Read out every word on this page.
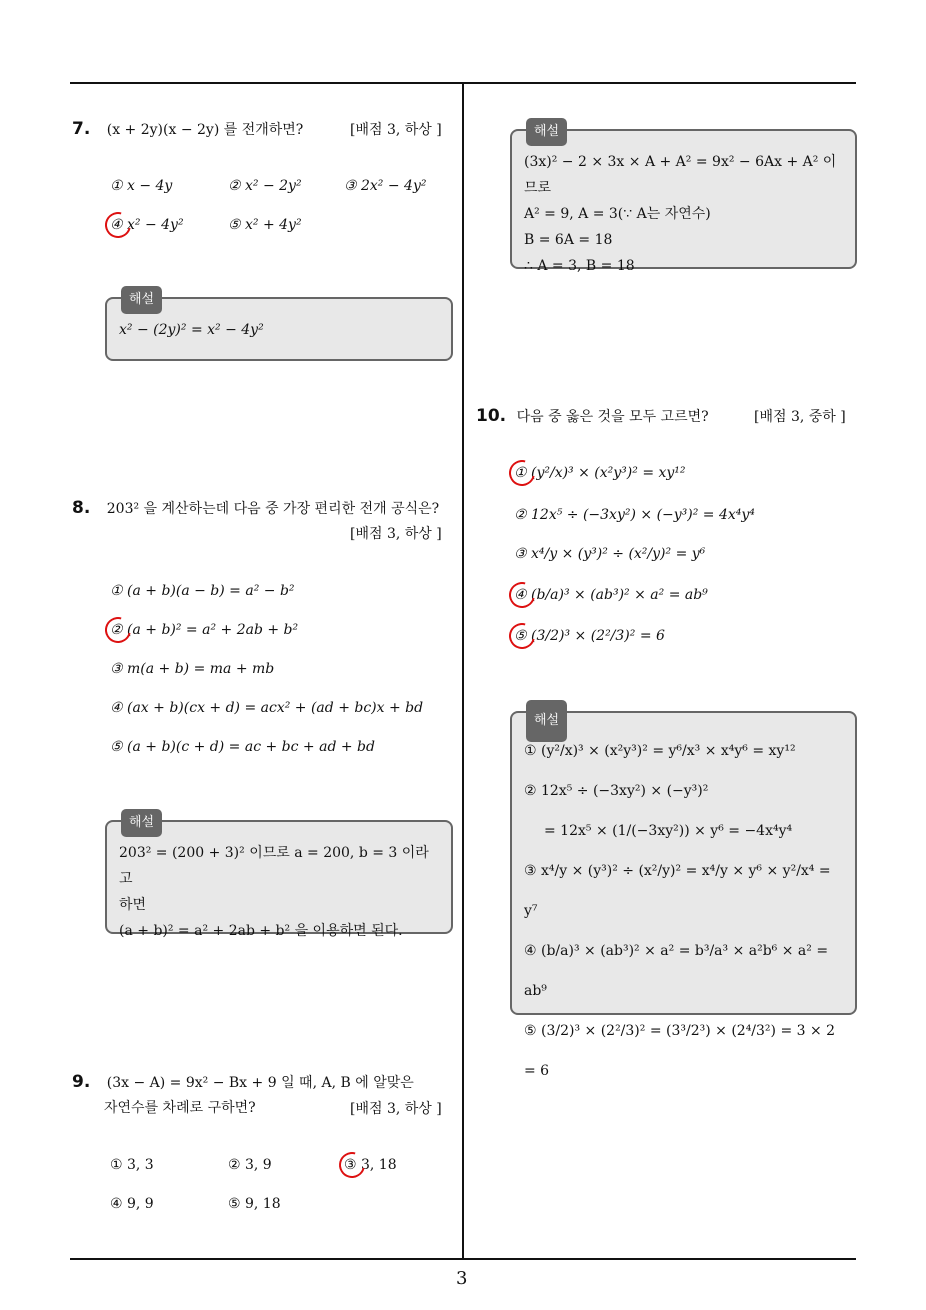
3
7. (x + 2y)(x − 2y) 를 전개하면?	[배점 3, 하상 ]
① x − 4y	② x² − 2y²	③ 2x² − 4y²
④ x² − 4y²	⑤ x² + 4y²
해설
x² − (2y)² = x² − 4y²
8. 203² 을 계산하는데 다음 중 가장 편리한 전개 공식은?
[배점 3, 하상 ]
① (a + b)(a − b) = a² − b²
② (a + b)² = a² + 2ab + b²
③ m(a + b) = ma + mb
④ (ax + b)(cx + d) = acx² + (ad + bc)x + bd
⑤ (a + b)(c + d) = ac + bc + ad + bd
해설
203² = (200 + 3)² 이므로 a = 200, b = 3 이라고
하면
(a + b)² = a² + 2ab + b² 을 이용하면 된다.
9. (3x − A) = 9x² − Bx + 9 일 때, A, B 에 알맞은
자연수를 차례로 구하면?	[배점 3, 하상 ]
① 3, 3	② 3, 9	③ 3, 18
④ 9, 9	⑤ 9, 18
해설
(3x)² − 2 × 3x × A + A² = 9x² − 6Ax + A² 이므로
A² = 9, A = 3(∵ A는 자연수)
B = 6A = 18
∴ A = 3, B = 18
10. 다음 중 옳은 것을 모두 고르면?	[배점 3, 중하 ]
① (y²/x)³ × (x²y³)² = xy¹²
② 12x⁵ ÷ (−3xy²) × (−y³)² = 4x⁴y⁴
③ x⁴/y × (y³)² ÷ (x²/y)² = y⁶
④ (b/a)³ × (ab³)² × a² = ab⁹
⑤ (3/2)³ × (2²/3)² = 6
해설
① (y²/x)³ × (x²y³)² = y⁶/x³ × x⁴y⁶ = xy¹²
② 12x⁵ ÷ (−3xy²) × (−y³)²
= 12x⁵ × (1/(−3xy²)) × y⁶ = −4x⁴y⁴
③ x⁴/y × (y³)² ÷ (x²/y)² = x⁴/y × y⁶ × y²/x⁴ = y⁷
④ (b/a)³ × (ab³)² × a² = b³/a³ × a²b⁶ × a² = ab⁹
⑤ (3/2)³ × (2²/3)² = (3³/2³) × (2⁴/3²) = 3 × 2 = 6
